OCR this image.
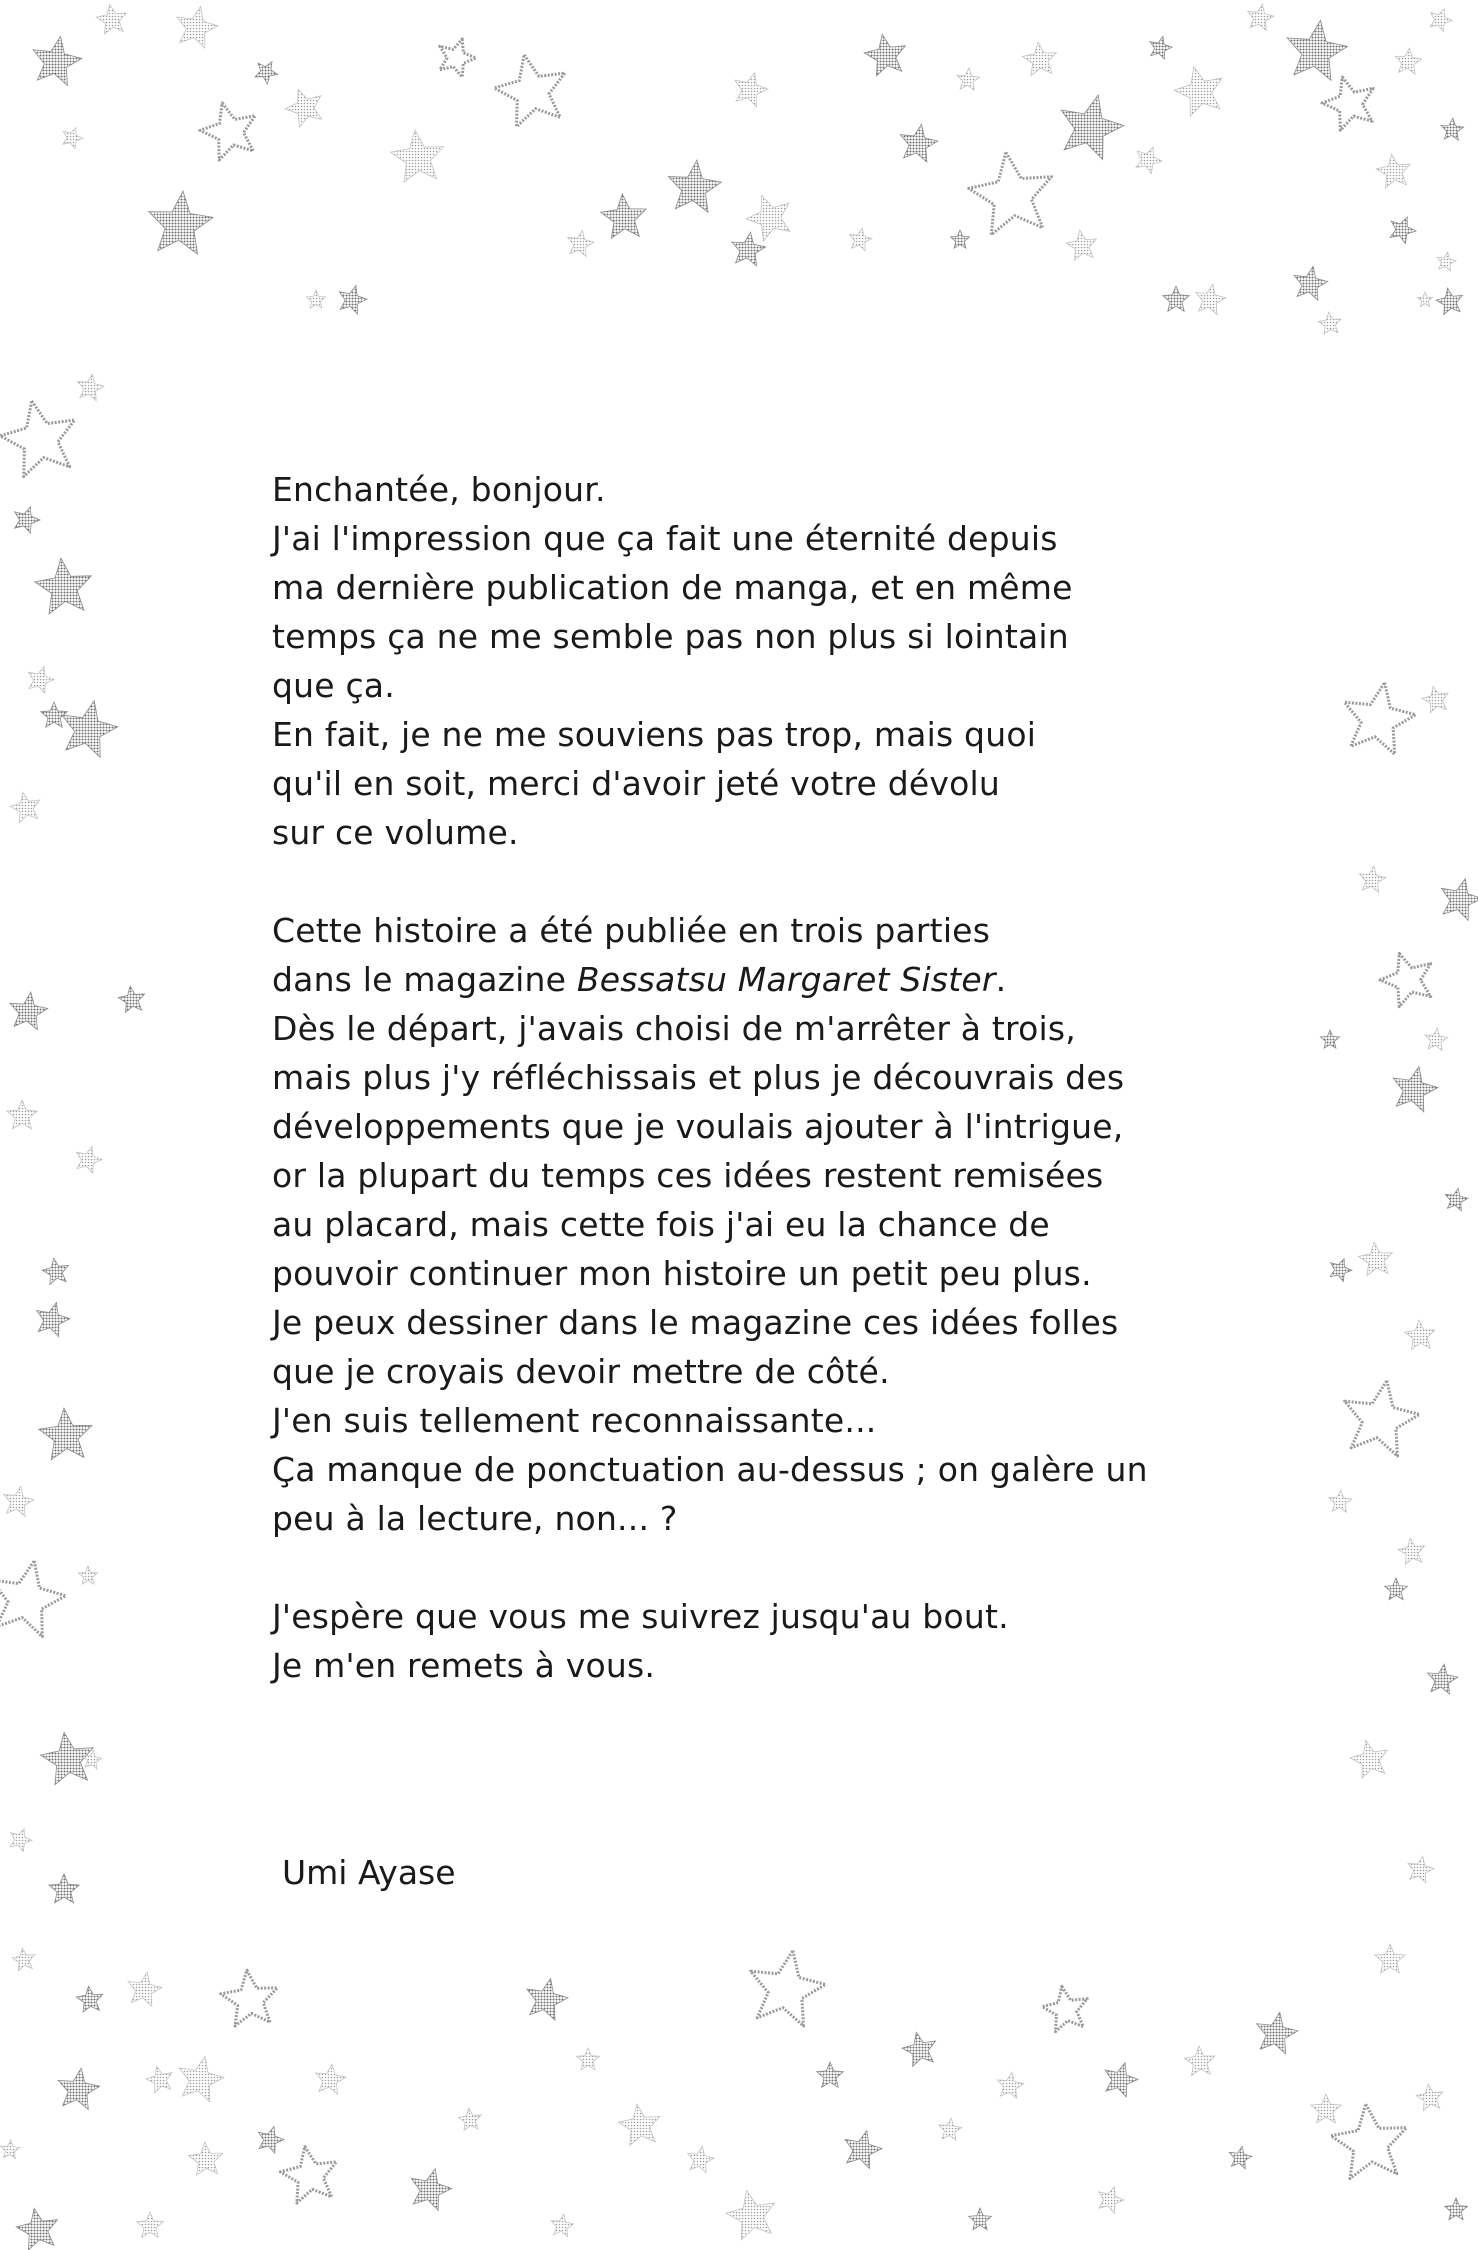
Enchantée, bonjour.
J'ai l'impression que ça fait une éternité depuis
ma dernière publication de manga, et en même
temps ça ne me semble pas non plus si lointain
que ça.
En fait, je ne me souviens pas trop, mais quoi
qu'il en soit, merci d'avoir jeté votre dévolu
sur ce volume.
Cette histoire a été publiée en trois parties
dans le magazine Bessatsu Margaret Sister.
Dès le départ, j'avais choisi de m'arrêter à trois,
mais plus j'y réfléchissais et plus je découvrais des
développements que je voulais ajouter à l'intrigue,
or la plupart du temps ces idées restent remisées
au placard, mais cette fois j'ai eu la chance de
pouvoir continuer mon histoire un petit peu plus.
Je peux dessiner dans le magazine ces idées folles
que je croyais devoir mettre de côté.
J'en suis tellement reconnaissante...
Ça manque de ponctuation au-dessus ; on galère un
peu à la lecture, non... ?
J'espère que vous me suivrez jusqu'au bout.
Je m'en remets à vous.
Umi Ayase
